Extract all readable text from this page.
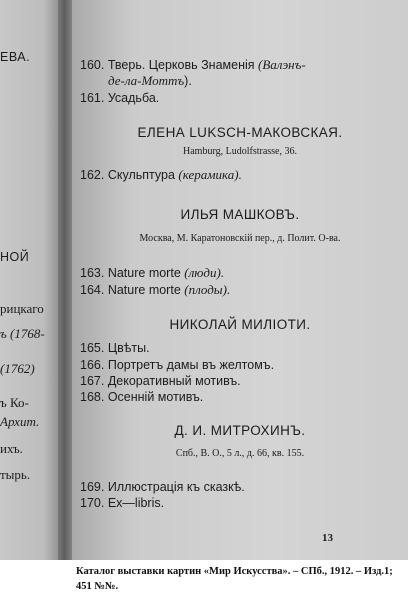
ЕВА.
НОЙ
рицкаго
ъ (1768-
(1762)
ъ Ко-
Архит.
ихъ.
тырь.
160. Тверь. Церковь Знаменія (Валэнъ-
де-ла-Моттъ).
161. Усадьба.
ЕЛЕНА LUKSCH-МАКОВСКАЯ.
Hamburg, Ludolfstrasse, 36.
162. Скульптура (керамика).
ИЛЬЯ МАШКОВЪ.
Москва, М. Каратоновскій пер., д. Полит. О-ва.
163. Nature morte (люди).
164. Nature morte (плоды).
НИКОЛАЙ МИЛІОТИ.
165. Цвѣты.
166. Портретъ дамы въ желтомъ.
167. Декоративный мотивъ.
168. Осенній мотивъ.
Д. И. МИТРОХИНЪ.
Спб., В. О., 5 л., д. 66, кв. 155.
169. Иллюстрація къ сказкѣ.
170. Ex—libris.
13
Каталог выставки картин «Мир Искусства». – СПб., 1912. – Изд.1; 451 №№.
